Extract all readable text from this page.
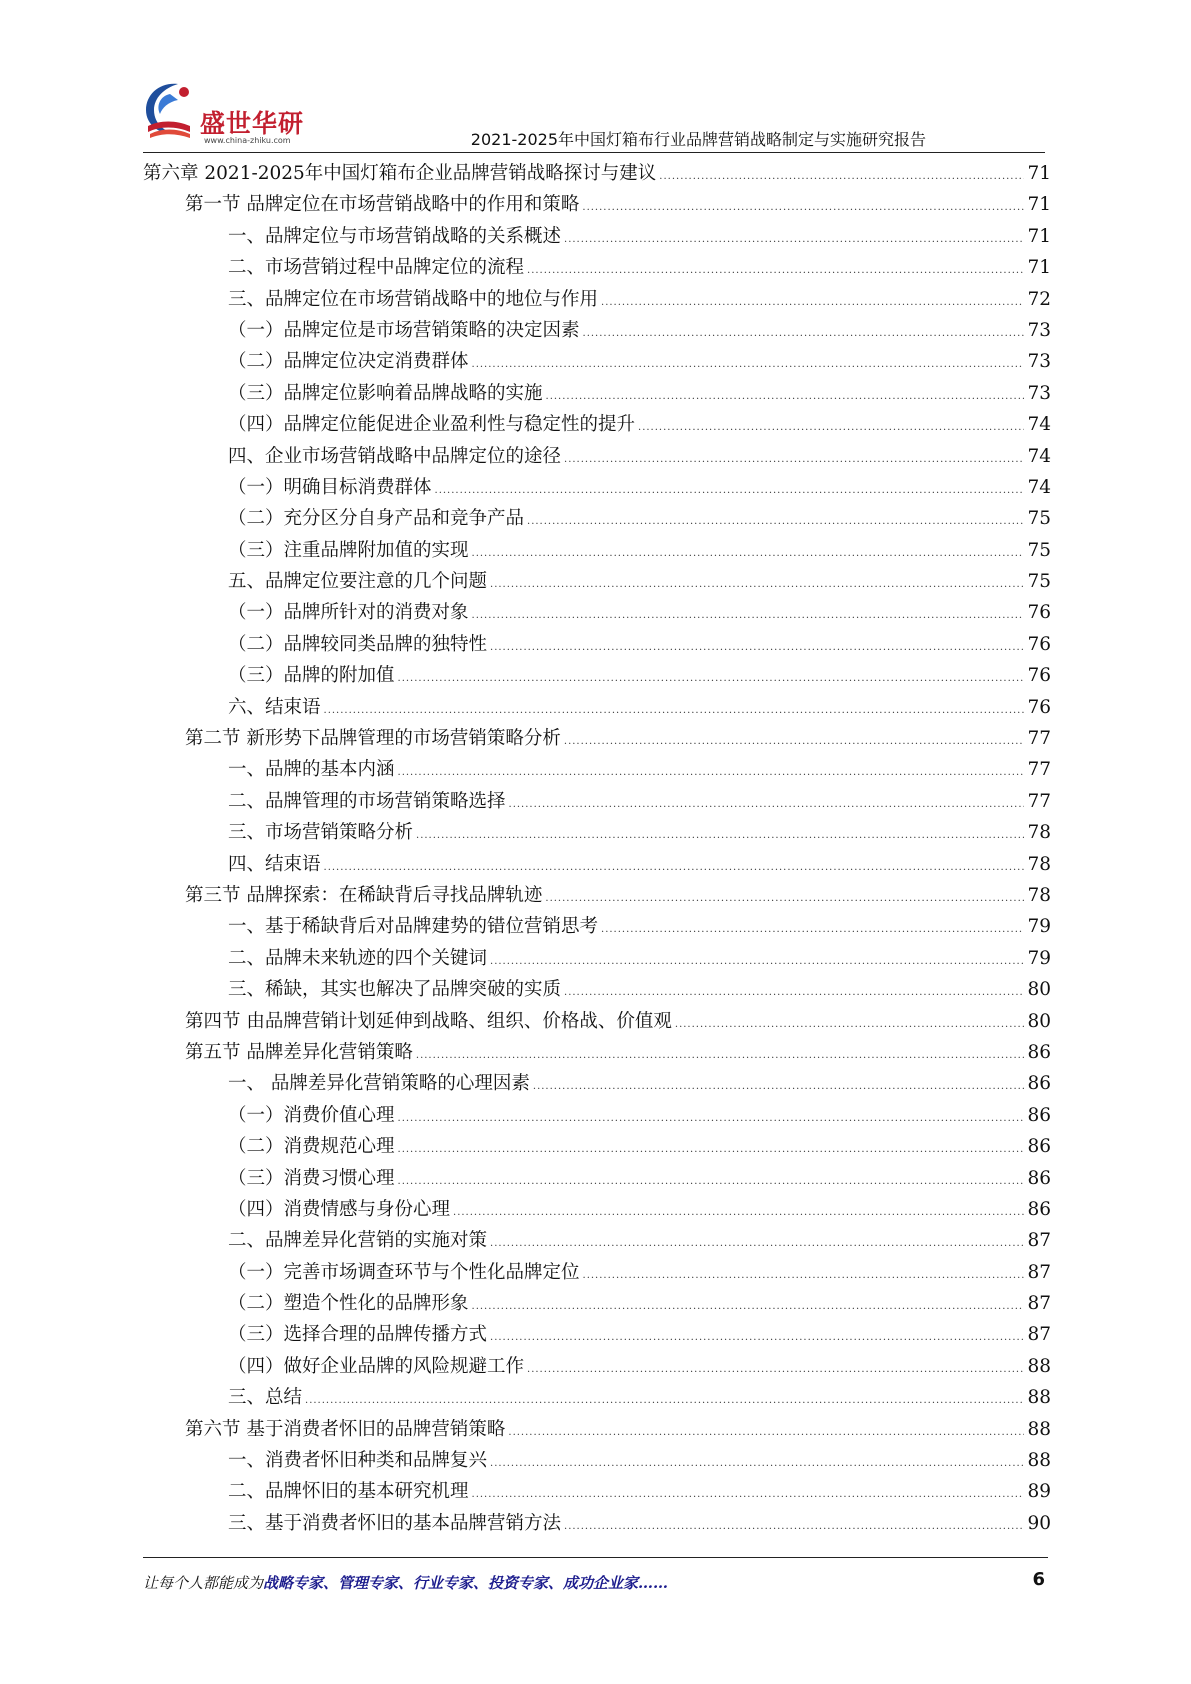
盛世华研
www.china-zhiku.com	2021-2025年中国灯箱布行业品牌营销战略制定与实施研究报告
第六章 2021-2025年中国灯箱布企业品牌营销战略探讨与建议 .....	71
第一节 品牌定位在市场营销战略中的作用和策略 .....	71
一、品牌定位与市场营销战略的关系概述 .....	71
二、市场营销过程中品牌定位的流程 .....	71
三、品牌定位在市场营销战略中的地位与作用 .....	72
（一）品牌定位是市场营销策略的决定因素 .....	73
（二）品牌定位决定消费群体 .....	73
（三）品牌定位影响着品牌战略的实施 .....	73
（四）品牌定位能促进企业盈利性与稳定性的提升 .....	74
四、企业市场营销战略中品牌定位的途径 .....	74
（一）明确目标消费群体 .....	74
（二）充分区分自身产品和竞争产品 .....	75
（三）注重品牌附加值的实现 .....	75
五、品牌定位要注意的几个问题 .....	75
（一）品牌所针对的消费对象 .....	76
（二）品牌较同类品牌的独特性 .....	76
（三）品牌的附加值 .....	76
六、结束语 .....	76
第二节 新形势下品牌管理的市场营销策略分析 .....	77
一、品牌的基本内涵 .....	77
二、品牌管理的市场营销策略选择 .....	77
三、市场营销策略分析 .....	78
四、结束语 .....	78
第三节 品牌探索：在稀缺背后寻找品牌轨迹 .....	78
一、基于稀缺背后对品牌建势的错位营销思考 .....	79
二、品牌未来轨迹的四个关键词 .....	79
三、稀缺，其实也解决了品牌突破的实质 .....	80
第四节 由品牌营销计划延伸到战略、组织、价格战、价值观 .....	80
第五节 品牌差异化营销策略 .....	86
一、 品牌差异化营销策略的心理因素 .....	86
（一）消费价值心理 .....	86
（二）消费规范心理 .....	86
（三）消费习惯心理 .....	86
（四）消费情感与身份心理 .....	86
二、品牌差异化营销的实施对策 .....	87
（一）完善市场调查环节与个性化品牌定位 .....	87
（二）塑造个性化的品牌形象 .....	87
（三）选择合理的品牌传播方式 .....	87
（四）做好企业品牌的风险规避工作 .....	88
三、总结 .....	88
第六节 基于消费者怀旧的品牌营销策略 .....	88
一、消费者怀旧种类和品牌复兴 .....	88
二、品牌怀旧的基本研究机理 .....	89
三、基于消费者怀旧的基本品牌营销方法 .....	90
让每个人都能成为战略专家、管理专家、行业专家、投资专家、成功企业家……	6
